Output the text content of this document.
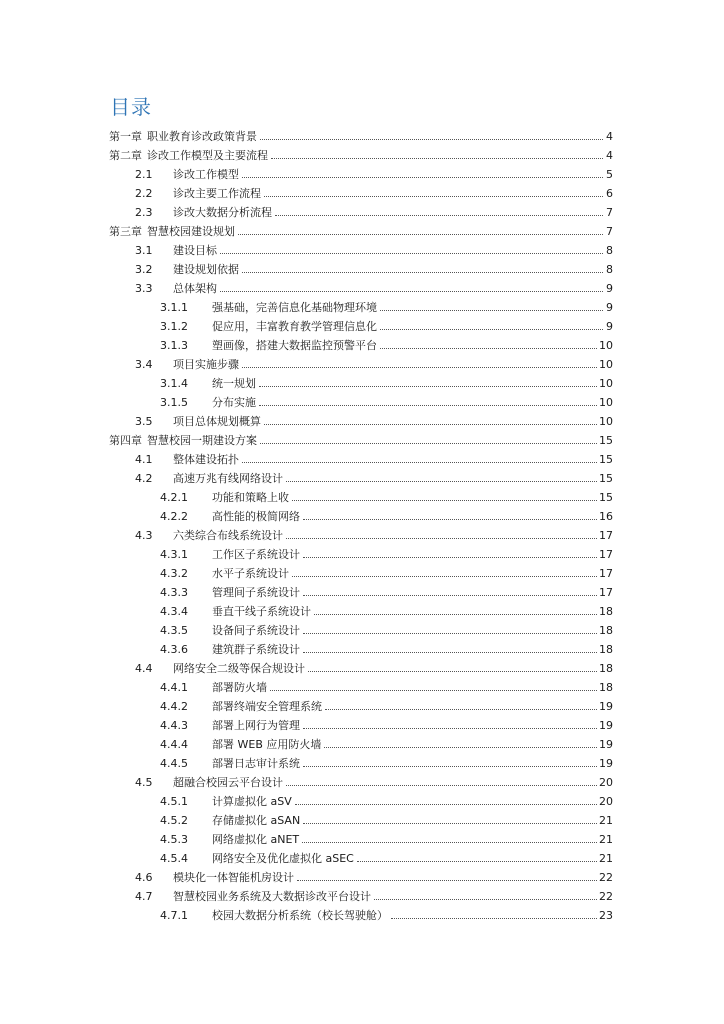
目录
第一章 职业教育诊改政策背景	4
第二章 诊改工作模型及主要流程	4
2.1	诊改工作模型	5
2.2	诊改主要工作流程	6
2.3	诊改大数据分析流程	7
第三章 智慧校园建设规划	7
3.1	建设目标	8
3.2	建设规划依据	8
3.3	总体架构	9
3.1.1	强基础，完善信息化基础物理环境	9
3.1.2	促应用，丰富教育教学管理信息化	9
3.1.3	塑画像，搭建大数据监控预警平台	10
3.4	项目实施步骤	10
3.1.4	统一规划	10
3.1.5	分布实施	10
3.5	项目总体规划概算	10
第四章 智慧校园一期建设方案	15
4.1	整体建设拓扑	15
4.2	高速万兆有线网络设计	15
4.2.1	功能和策略上收	15
4.2.2	高性能的极简网络	16
4.3	六类综合布线系统设计	17
4.3.1	工作区子系统设计	17
4.3.2	水平子系统设计	17
4.3.3	管理间子系统设计	17
4.3.4	垂直干线子系统设计	18
4.3.5	设备间子系统设计	18
4.3.6	建筑群子系统设计	18
4.4	网络安全二级等保合规设计	18
4.4.1	部署防火墙	18
4.4.2	部署终端安全管理系统	19
4.4.3	部署上网行为管理	19
4.4.4	部署 WEB 应用防火墙	19
4.4.5	部署日志审计系统	19
4.5	超融合校园云平台设计	20
4.5.1	计算虚拟化 aSV	20
4.5.2	存储虚拟化 aSAN	21
4.5.3	网络虚拟化 aNET	21
4.5.4	网络安全及优化虚拟化 aSEC	21
4.6	模块化一体智能机房设计	22
4.7	智慧校园业务系统及大数据诊改平台设计	22
4.7.1	校园大数据分析系统（校长驾驶舱）	23
